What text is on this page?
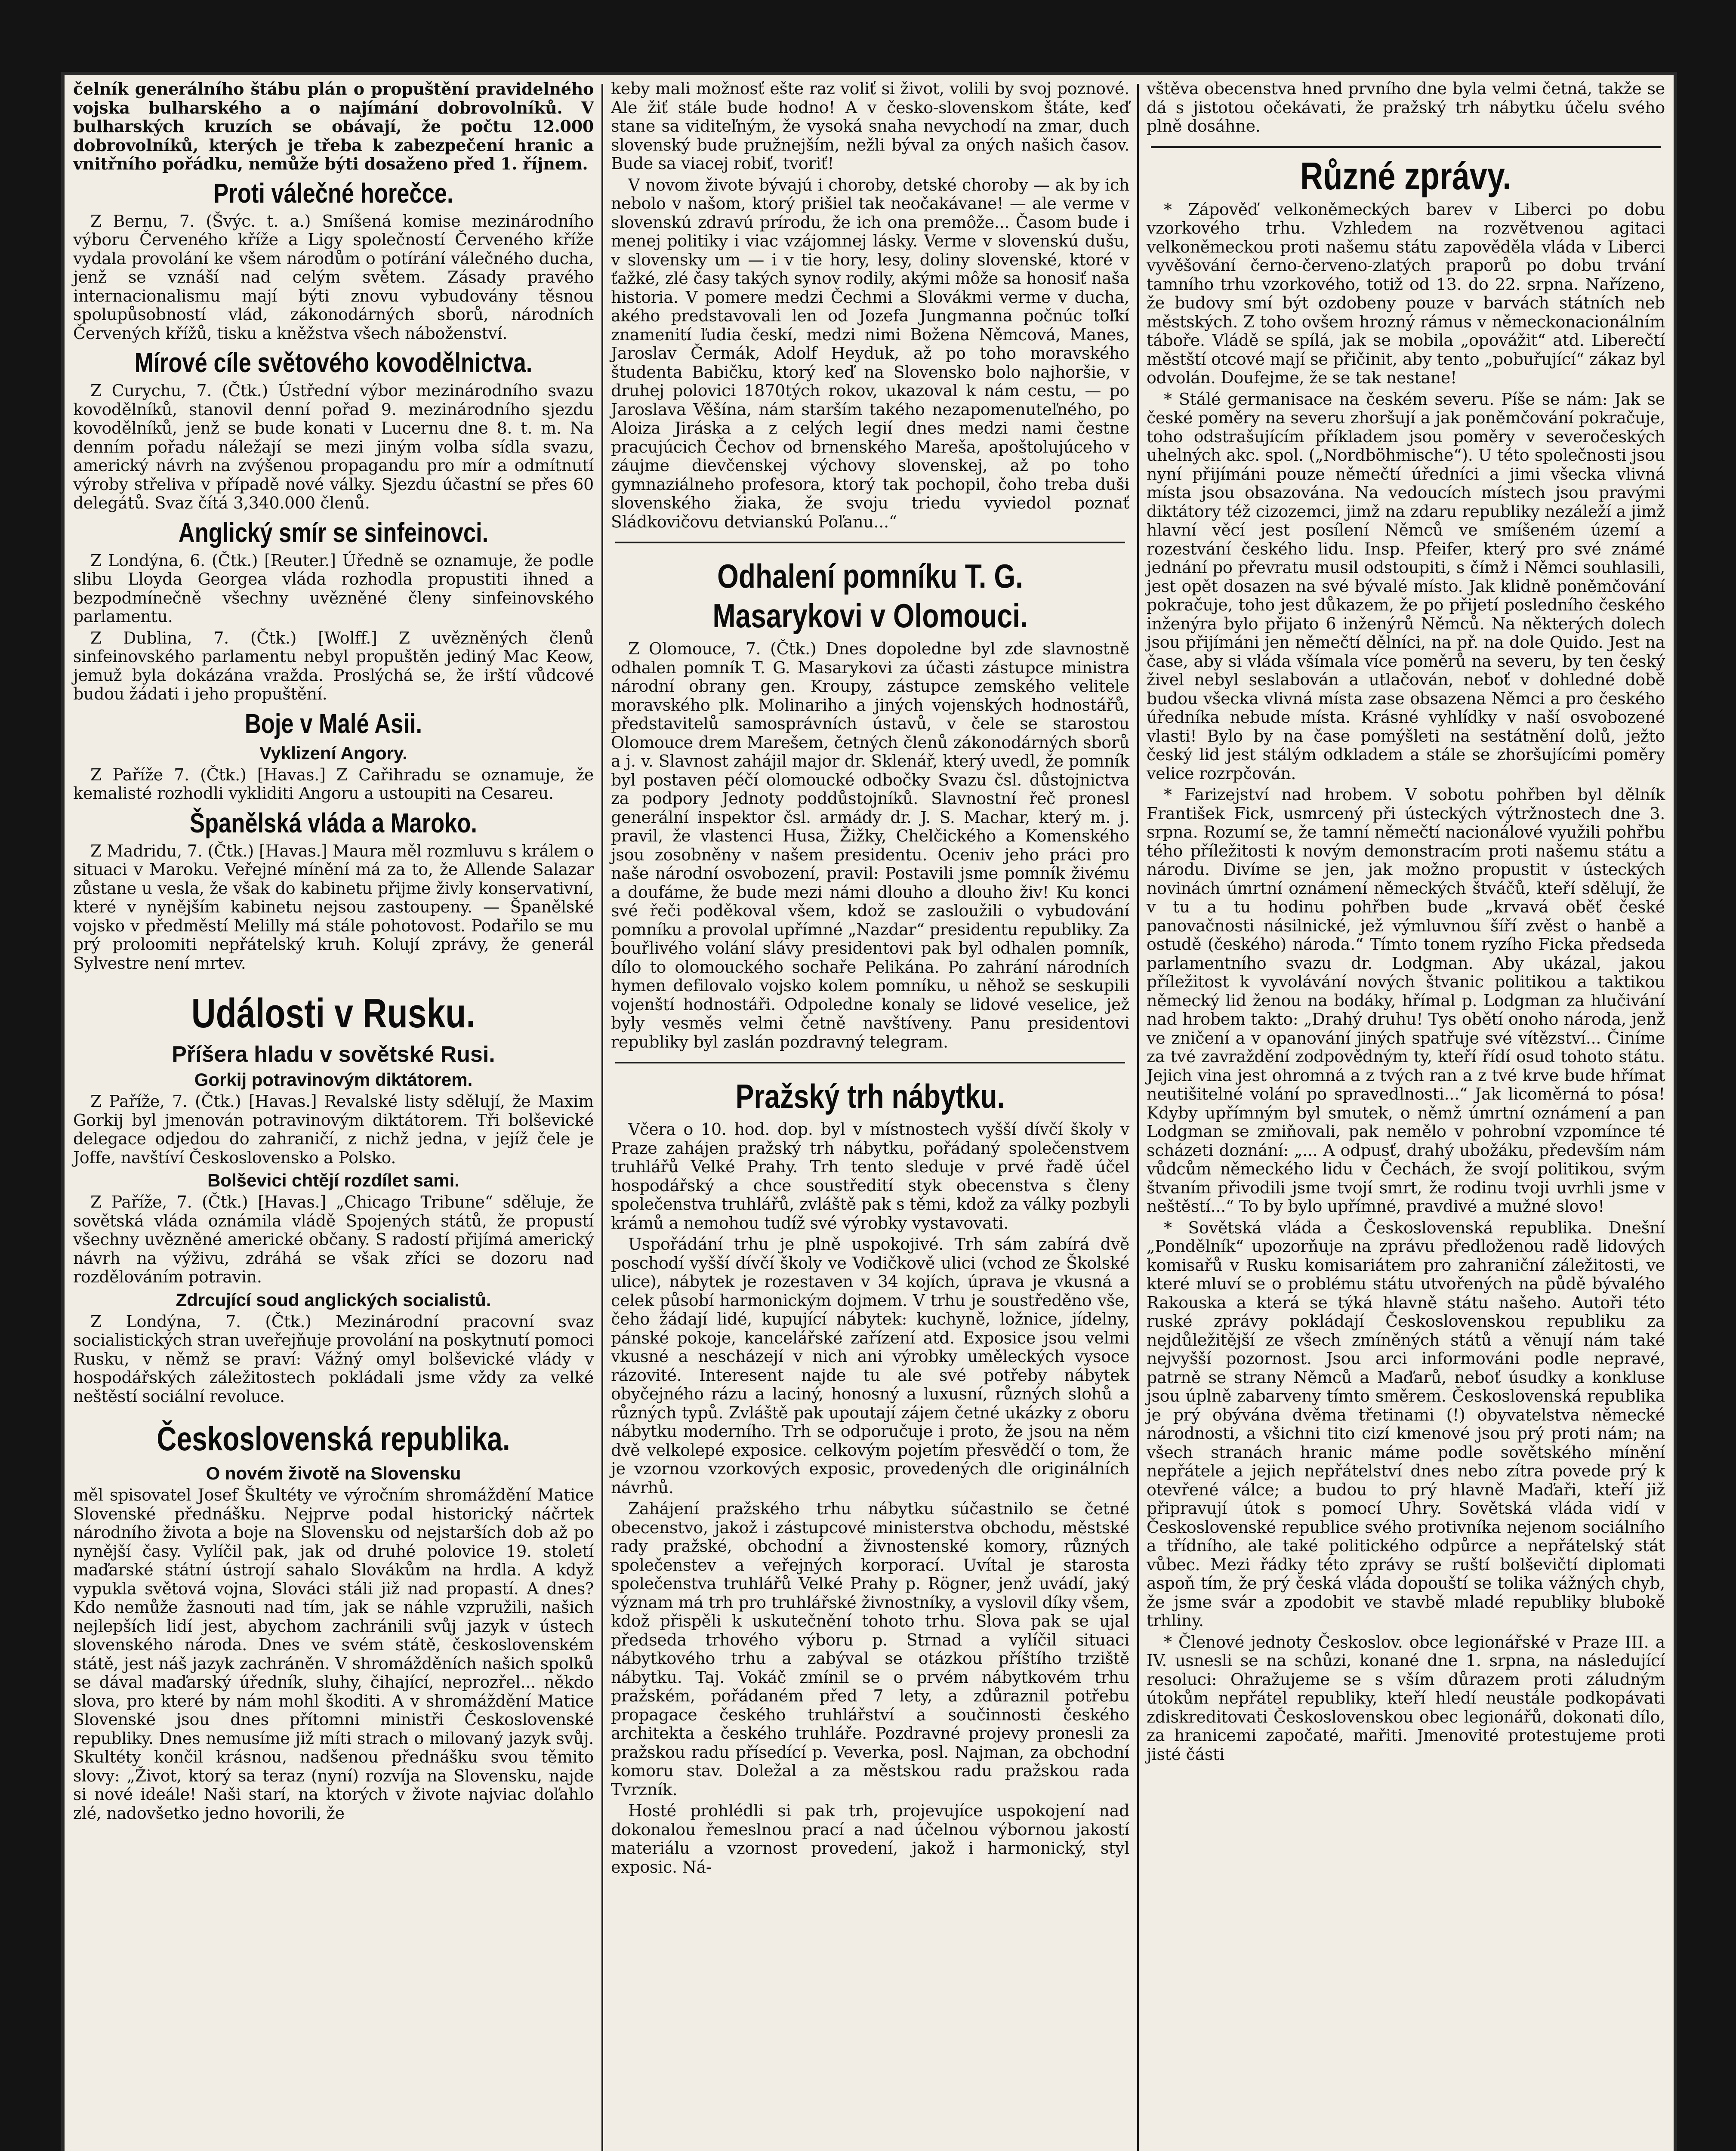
čelník generálního štábu plán o propuštění pravidelného vojska bulharského a o najímání dobrovolníků. V bulharských kruzích se obávají, že počtu 12.000 dobrovolníků, kterých je třeba k zabezpečení hranic a vnitřního pořádku, nemůže býti dosaženo před 1. říjnem.

Proti válečné horečce.

Z Bernu, 7. (Švýc. t. a.) Smíšená komise mezinárodního výboru Červeného kříže a Ligy společností Červeného kříže vydala provolání ke všem národům o potírání válečného ducha, jenž se vznáší nad celým světem. Zásady pravého internacionalismu mají býti znovu vybudovány těsnou spolupůsobností vlád, zákonodárných sborů, národních Červených křížů, tisku a kněžstva všech náboženství.

Mírové cíle světového kovodělnictva.

Z Curychu, 7. (Čtk.) Ústřední výbor mezinárodního svazu kovodělníků, stanovil denní pořad 9. mezinárodního sjezdu kovodělníků, jenž se bude konati v Lucernu dne 8. t. m. Na denním pořadu náležají se mezi jiným volba sídla svazu, americký návrh na zvýšenou propagandu pro mír a odmítnutí výroby střeliva v případě nové války. Sjezdu účastní se přes 60 delegátů. Svaz čítá 3,340.000 členů.

Anglický smír se sinfeinovci.

Z Londýna, 6. (Čtk.) [Reuter.] Úředně se oznamuje, že podle slibu Lloyda Georgea vláda rozhodla propustiti ihned a bezpodmínečně všechny uvězněné členy sinfeinovského parlamentu.

Z Dublina, 7. (Čtk.) [Wolff.] Z uvězněných členů sinfeinovského parlamentu nebyl propuštěn jediný Mac Keow, jemuž byla dokázána vražda. Proslýchá se, že irští vůdcové budou žádati i jeho propuštění.

Boje v Malé Asii.
Vyklizení Angory.

Z Paříže 7. (Čtk.) [Havas.] Z Cařihradu se oznamuje, že kemalisté rozhodli vykliditi Angoru a ustoupiti na Cesareu.

Španělská vláda a Maroko.

Z Madridu, 7. (Čtk.) [Havas.] Maura měl rozmluvu s králem o situaci v Maroku. Veřejné mínění má za to, že Allende Salazar zůstane u vesla, že však do kabinetu přijme živly konservativní, které v nynějším kabinetu nejsou zastoupeny. — Španělské vojsko v předměstí Melilly má stále pohotovost. Podařilo se mu prý proloomiti nepřátelský kruh. Kolují zprávy, že generál Sylvestre není mrtev.

Události v Rusku.
Příšera hladu v sovětské Rusi.
Gorkij potravinovým diktátorem.

Z Paříže, 7. (Čtk.) [Havas.] Revalské listy sdělují, že Maxim Gorkij byl jmenován potravinovým diktátorem. Tři bolševické delegace odjedou do zahraničí, z nichž jedna, v jejíž čele je Joffe, navštíví Československo a Polsko.

Bolševici chtějí rozdílet sami.

Z Paříže, 7. (Čtk.) [Havas.] „Chicago Tribune“ sděluje, že sovětská vláda oznámila vládě Spojených států, že propustí všechny uvězněné americké občany. S radostí přijímá americký návrh na výživu, zdráhá se však zříci se dozoru nad rozdělováním potravin.

Zdrcující soud anglických socialistů.

Z Londýna, 7. (Čtk.) Mezinárodní pracovní svaz socialistických stran uveřejňuje provolání na poskytnutí pomoci Rusku, v němž se praví: Vážný omyl bolševické vlády v hospodářských záležitostech pokládali jsme vždy za velké neštěstí sociální revoluce.

Československá republika.
O novém životě na Slovensku

měl spisovatel Josef Škultéty ve výročním shromáždění Matice Slovenské přednášku. Nejprve podal historický náčrtek národního života a boje na Slovensku od nejstarších dob až po nynější časy. Vylíčil pak, jak od druhé polovice 19. století maďarské státní ústrojí sahalo Slovákům na hrdla. A když vypukla světová vojna, Slováci stáli již nad propastí. A dnes? Kdo nemůže žasnouti nad tím, jak se náhle vzpružili, našich nejlepších lidí jest, abychom zachránili svůj jazyk v ústech slovenského národa. Dnes ve svém státě, československém státě, jest náš jazyk zachráněn. V shromážděních našich spolků se dával maďarský úředník, sluhy, čihající, neprozřel... někdo slova, pro které by nám mohl škoditi. A v shromáždění Matice Slovenské jsou dnes přítomni ministři Československé republiky. Dnes nemusíme již míti strach o milovaný jazyk svůj. Skultéty končil krásnou, nadšenou přednášku svou těmito slovy: „Život, ktorý sa teraz (nyní) rozvíja na Slovensku, najde si nové ideále! Naši starí, na ktorých v živote najviac doľahlo zlé, nadovšetko jedno hovorili, že

keby mali možnosť ešte raz voliť si život, volili by svoj poznové. Ale žiť stále bude hodno! A v česko-slovenskom štáte, keď stane sa viditeľným, že vysoká snaha nevychodí na zmar, duch slovenský bude pružnejším, nežli býval za oných našich časov. Bude sa viacej robiť, tvoriť!

V novom živote bývajú i choroby, detské choroby — ak by ich nebolo v našom, ktorý prišiel tak neočakávane! — ale verme v slovenskú zdravú prírodu, že ich ona premôže... Časom bude i menej politiky i viac vzájomnej lásky. Verme v slovenskú dušu, v slovensky um — i v tie hory, lesy, doliny slovenské, ktoré v ťažké, zlé časy takých synov rodily, akými môže sa honosiť naša historia. V pomere medzi Čechmi a Slovákmi verme v ducha, akého predstavovali len od Jozefa Jungmanna počnúc toľkí znamenití ľudia českí, medzi nimi Božena Němcová, Manes, Jaroslav Čermák, Adolf Heyduk, až po toho moravského študenta Babičku, ktorý keď na Slovensko bolo najhoršie, v druhej polovici 1870tých rokov, ukazoval k nám cestu, — po Jaroslava Věšína, nám starším takého nezapomenuteľného, po Aloiza Jiráska a z celých legií dnes medzi nami čestne pracujúcich Čechov od brnenského Mareša, apoštolujúceho v záujme dievčenskej výchovy slovenskej, až po toho gymnaziálneho profesora, ktorý tak pochopil, čoho treba duši slovenského žiaka, že svoju triedu vyviedol poznať Sládkovičovu detvianskú Poľanu...“

Odhalení pomníku T. G. Masarykovi v Olomouci.

Z Olomouce, 7. (Čtk.) Dnes dopoledne byl zde slavnostně odhalen pomník T. G. Masarykovi za účasti zástupce ministra národní obrany gen. Kroupy, zástupce zemského velitele moravského plk. Molinariho a jiných vojenských hodnostářů, představitelů samosprávních ústavů, v čele se starostou Olomouce drem Marešem, četných členů zákonodárných sborů a j. v. Slavnost zahájil major dr. Sklenář, který uvedl, že pomník byl postaven péčí olomoucké odbočky Svazu čsl. důstojnictva za podpory Jednoty poddůstojníků. Slavnostní řeč pronesl generální inspektor čsl. armády dr. J. S. Machar, který m. j. pravil, že vlastenci Husa, Žižky, Chelčického a Komenského jsou zosobněny v našem presidentu. Oceniv jeho práci pro naše národní osvobození, pravil: Postavili jsme pomník živému a doufáme, že bude mezi námi dlouho a dlouho živ! Ku konci své řeči poděkoval všem, kdož se zasloužili o vybudování pomníku a provolal upřímné „Nazdar“ presidentu republiky. Za bouřlivého volání slávy presidentovi pak byl odhalen pomník, dílo to olomouckého sochaře Pelikána. Po zahrání národních hymen defilovalo vojsko kolem pomníku, u něhož se seskupili vojenští hodnostáři. Odpoledne konaly se lidové veselice, jež byly vesměs velmi četně navštíveny. Panu presidentovi republiky byl zaslán pozdravný telegram.

Pražský trh nábytku.

Včera o 10. hod. dop. byl v místnostech vyšší dívčí školy v Praze zahájen pražský trh nábytku, pořádaný společenstvem truhlářů Velké Prahy. Trh tento sleduje v prvé řadě účel hospodářský a chce soustředití styk obecenstva s členy společenstva truhlářů, zvláště pak s těmi, kdož za války pozbyli krámů a nemohou tudíž své výrobky vystavovati.

Uspořádání trhu je plně uspokojivé. Trh sám zabírá dvě poschodí vyšší dívčí školy ve Vodičkově ulici (vchod ze Školské ulice), nábytek je rozestaven v 34 kojích, úprava je vkusná a celek působí harmonickým dojmem. V trhu je soustředěno vše, čeho žádají lidé, kupující nábytek: kuchyně, ložnice, jídelny, pánské pokoje, kancelářské zařízení atd. Exposice jsou velmi vkusné a nescházejí v nich ani výrobky uměleckých vysoce rázovité. Interesent najde tu ale své potřeby nábytek obyčejného rázu a laciný, honosný a luxusní, různých slohů a různých typů. Zvláště pak upoutají zájem četné ukázky z oboru nábytku moderního. Trh se odporučuje i proto, že jsou na něm dvě velkolepé exposice. celkovým pojetím přesvědčí o tom, že je vzornou vzorkových exposic, provedených dle originálních návrhů.

Zahájení pražského trhu nábytku súčastnilo se četné obecenstvo, jakož i zástupcové ministerstva obchodu, městské rady pražské, obchodní a živnostenské komory, různých společenstev a veřejných korporací. Uvítal je starosta společenstva truhlářů Velké Prahy p. Rögner, jenž uvádí, jaký význam má trh pro truhlářské živnostníky, a vyslovil díky všem, kdož přispěli k uskutečnění tohoto trhu. Slova pak se ujal předseda trhového výboru p. Strnad a vylíčil situaci nábytkového trhu a zabýval se otázkou příštího trziště nábytku. Taj. Vokáč zmínil se o prvém nábytkovém trhu pražském, pořádaném před 7 lety, a zdůraznil potřebu propagace českého truhlářství a součinnosti českého architekta a českého truhláře. Pozdravné projevy pronesli za pražskou radu přísedící p. Veverka, posl. Najman, za obchodní komoru stav. Doležal a za městskou radu pražskou rada Tvrzník.

Hosté prohlédli si pak trh, projevujíce uspokojení nad dokonalou řemeslnou prací a nad účelnou výbornou jakostí materiálu a vzornost provedení, jakož i harmonický, styl exposic. Ná-

vštěva obecenstva hned prvního dne byla velmi četná, takže se dá s jistotou očekávati, že pražský trh nábytku účelu svého plně dosáhne.

Různé zprávy.

* Zápověď velkoněmeckých barev v Liberci po dobu vzorkového trhu. Vzhledem na rozvětvenou agitaci velkoněmeckou proti našemu státu zapověděla vláda v Liberci vyvěšování černo-červeno-zlatých praporů po dobu trvání tamního trhu vzorkového, totiž od 13. do 22. srpna. Nařízeno, že budovy smí být ozdobeny pouze v barvách státních neb městských. Z toho ovšem hrozný rámus v německonacionálním táboře. Vládě se spílá, jak se mobila „opovážit“ atd. Liberečtí městští otcové mají se přičinit, aby tento „pobuřující“ zákaz byl odvolán. Doufejme, že se tak nestane!

* Stálé germanisace na českém severu. Píše se nám: Jak se české poměry na severu zhoršují a jak poněmčování pokračuje, toho odstrašujícím příkladem jsou poměry v severočeských uhelných akc. spol. („Nordböhmische“). U této společnosti jsou nyní přijímáni pouze němečtí úředníci a jimi všecka vlivná místa jsou obsazována. Na vedoucích místech jsou pravými diktátory též cizozemci, jimž na zdaru republiky nezáleží a jimž hlavní věcí jest posílení Němců ve smíšeném území a rozestvání českého lidu. Insp. Pfeifer, který pro své známé jednání po převratu musil odstoupiti, s čímž i Němci souhlasili, jest opět dosazen na své bývalé místo. Jak klidně poněmčování pokračuje, toho jest důkazem, že po přijetí posledního českého inženýra bylo přijato 6 inženýrů Němců. Na některých dolech jsou přijímáni jen němečtí dělníci, na př. na dole Quido. Jest na čase, aby si vláda všímala více poměrů na severu, by ten český živel nebyl seslabován a utlačován, neboť v dohledné době budou všecka vlivná místa zase obsazena Němci a pro českého úředníka nebude místa. Krásné vyhlídky v naší osvobozené vlasti! Bylo by na čase pomýšleti na sestátnění dolů, ježto český lid jest stálým odkladem a stále se zhoršujícími poměry velice rozrpčován.

* Farizejství nad hrobem. V sobotu pohřben byl dělník František Fick, usmrcený při ústeckých výtržnostech dne 3. srpna. Rozumí se, že tamní němečtí nacionálové využili pohřbu tého příležitosti k novým demonstracím proti našemu státu a národu. Divíme se jen, jak možno propustit v ústeckých novinách úmrtní oznámení německých štváčů, kteří sdělují, že v tu a tu hodinu pohřben bude „krvavá oběť české panovačnosti násilnické, jež výmluvnou šíří zvěst o hanbě a ostudě (českého) národa.“ Tímto tonem ryzího Ficka předseda parlamentního svazu dr. Lodgman. Aby ukázal, jakou příležitost k vyvolávání nových štvanic politikou a taktikou německý lid ženou na bodáky, hřímal p. Lodgman za hlučivání nad hrobem takto: „Drahý druhu! Tys obětí onoho národa, jenž ve zničení a v opanování jiných spatřuje své vítězství... Činíme za tvé zavraždění zodpovědným ty, kteří řídí osud tohoto státu. Jejich vina jest ohromná a z tvých ran a z tvé krve bude hřímat neutišitelné volání po spravedlnosti...“ Jak licoměrná to pósa! Kdyby upřímným byl smutek, o němž úmrtní oznámení a pan Lodgman se zmiňovali, pak nemělo v pohrobní vzpomínce té scházeti doznání: „... A odpusť, drahý ubožáku, především nám vůdcům německého lidu v Čechách, že svojí politikou, svým štvaním přivodili jsme tvojí smrt, že rodinu tvoji uvrhli jsme v neštěstí...“ To by bylo upřímné, pravdivé a mužné slovo!

* Sovětská vláda a Československá republika. Dnešní „Pondělník“ upozorňuje na zprávu předloženou radě lidových komisařů v Rusku komisariátem pro zahraniční záležitosti, ve které mluví se o problému státu utvořených na půdě bývalého Rakouska a která se týká hlavně státu našeho. Autoři této ruské zprávy pokládají Československou republiku za nejdůležitější ze všech zmíněných států a věnují nám také nejvyšší pozornost. Jsou arci informováni podle nepravé, patrně se strany Němců a Maďarů, neboť úsudky a konkluse jsou úplně zabarveny tímto směrem. Československá republika je prý obývána dvěma třetinami (!) obyvatelstva německé národnosti, a všichni tito cizí kmenové jsou prý proti nám; na všech stranách hranic máme podle sovětského mínění nepřátele a jejich nepřátelství dnes nebo zítra povede prý k otevřené válce; a budou to prý hlavně Maďaři, kteří již připravují útok s pomocí Uhry. Sovětská vláda vidí v Československé republice svého protivníka nejenom sociálního a třídního, ale také politického odpůrce a nepřátelský stát vůbec. Mezi řádky této zprávy se ruští bolševičtí diplomati aspoň tím, že prý česká vláda dopouští se tolika vážných chyb, že jsme svár a zpodobit ve stavbě mladé republiky blubokě trhliny.

* Členové jednoty Českoslov. obce legionářské v Praze III. a IV. usnesli se na schůzi, konané dne 1. srpna, na následující resoluci: Ohražujeme se s vším důrazem proti záludným útokům nepřátel republiky, kteří hledí neustále podkopávati zdiskreditovati Československou obec legionářů, dokonati dílo, za hranicemi započaté, mařiti. Jmenovité protestujeme proti jisté části
